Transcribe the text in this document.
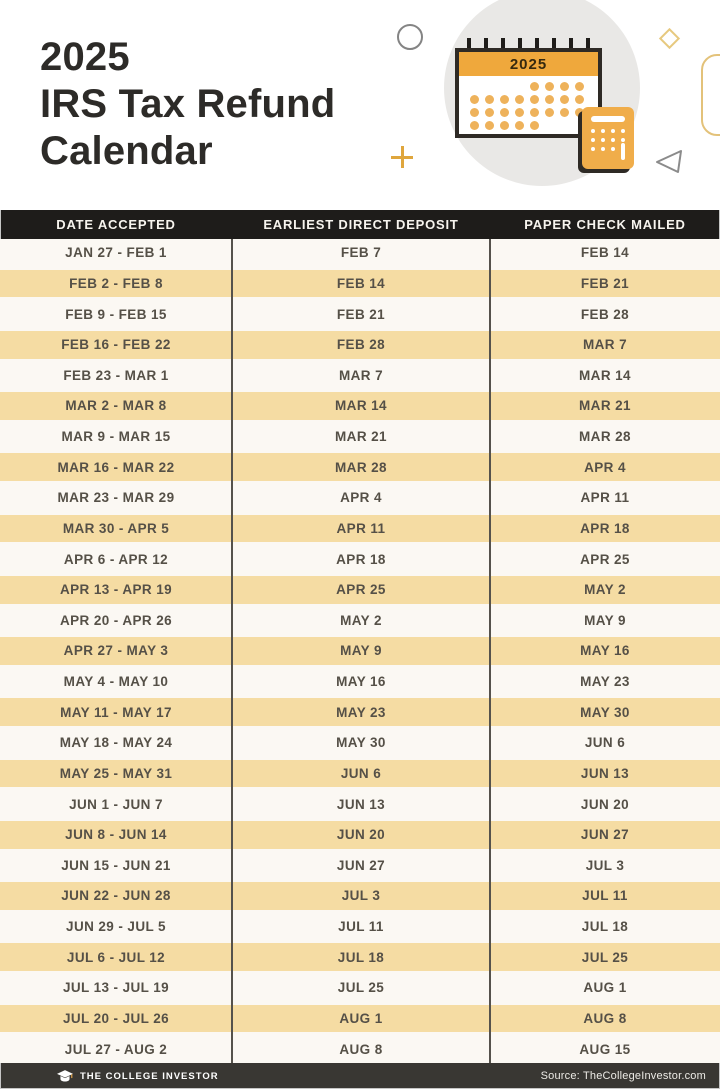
2025
IRS Tax Refund
Calendar
2025
DATE ACCEPTED	EARLIEST DIRECT DEPOSIT	PAPER CHECK MAILED
JAN 27 - FEB 1	FEB 7	FEB 14
FEB 2 - FEB 8	FEB 14	FEB 21
FEB 9 - FEB 15	FEB 21	FEB 28
FEB 16 - FEB 22	FEB 28	MAR 7
FEB 23 - MAR 1	MAR 7	MAR 14
MAR 2 - MAR 8	MAR 14	MAR 21
MAR 9 - MAR 15	MAR 21	MAR 28
MAR 16 - MAR 22	MAR 28	APR 4
MAR 23 - MAR 29	APR 4	APR 11
MAR 30 - APR 5	APR 11	APR 18
APR 6 - APR 12	APR 18	APR 25
APR 13 - APR 19	APR 25	MAY 2
APR 20 - APR 26	MAY 2	MAY 9
APR 27 - MAY 3	MAY 9	MAY 16
MAY 4 - MAY 10	MAY 16	MAY 23
MAY 11 - MAY 17	MAY 23	MAY 30
MAY 18 - MAY 24	MAY 30	JUN 6
MAY 25 - MAY 31	JUN 6	JUN 13
JUN 1 - JUN 7	JUN 13	JUN 20
JUN 8 - JUN 14	JUN 20	JUN 27
JUN 15 - JUN 21	JUN 27	JUL 3
JUN 22 - JUN 28	JUL 3	JUL 11
JUN 29 - JUL 5	JUL 11	JUL 18
JUL 6 - JUL 12	JUL 18	JUL 25
JUL 13 - JUL 19	JUL 25	AUG 1
JUL 20 - JUL 26	AUG 1	AUG 8
JUL 27 - AUG 2	AUG 8	AUG 15
THE COLLEGE INVESTOR	Source: TheCollegeInvestor.com
